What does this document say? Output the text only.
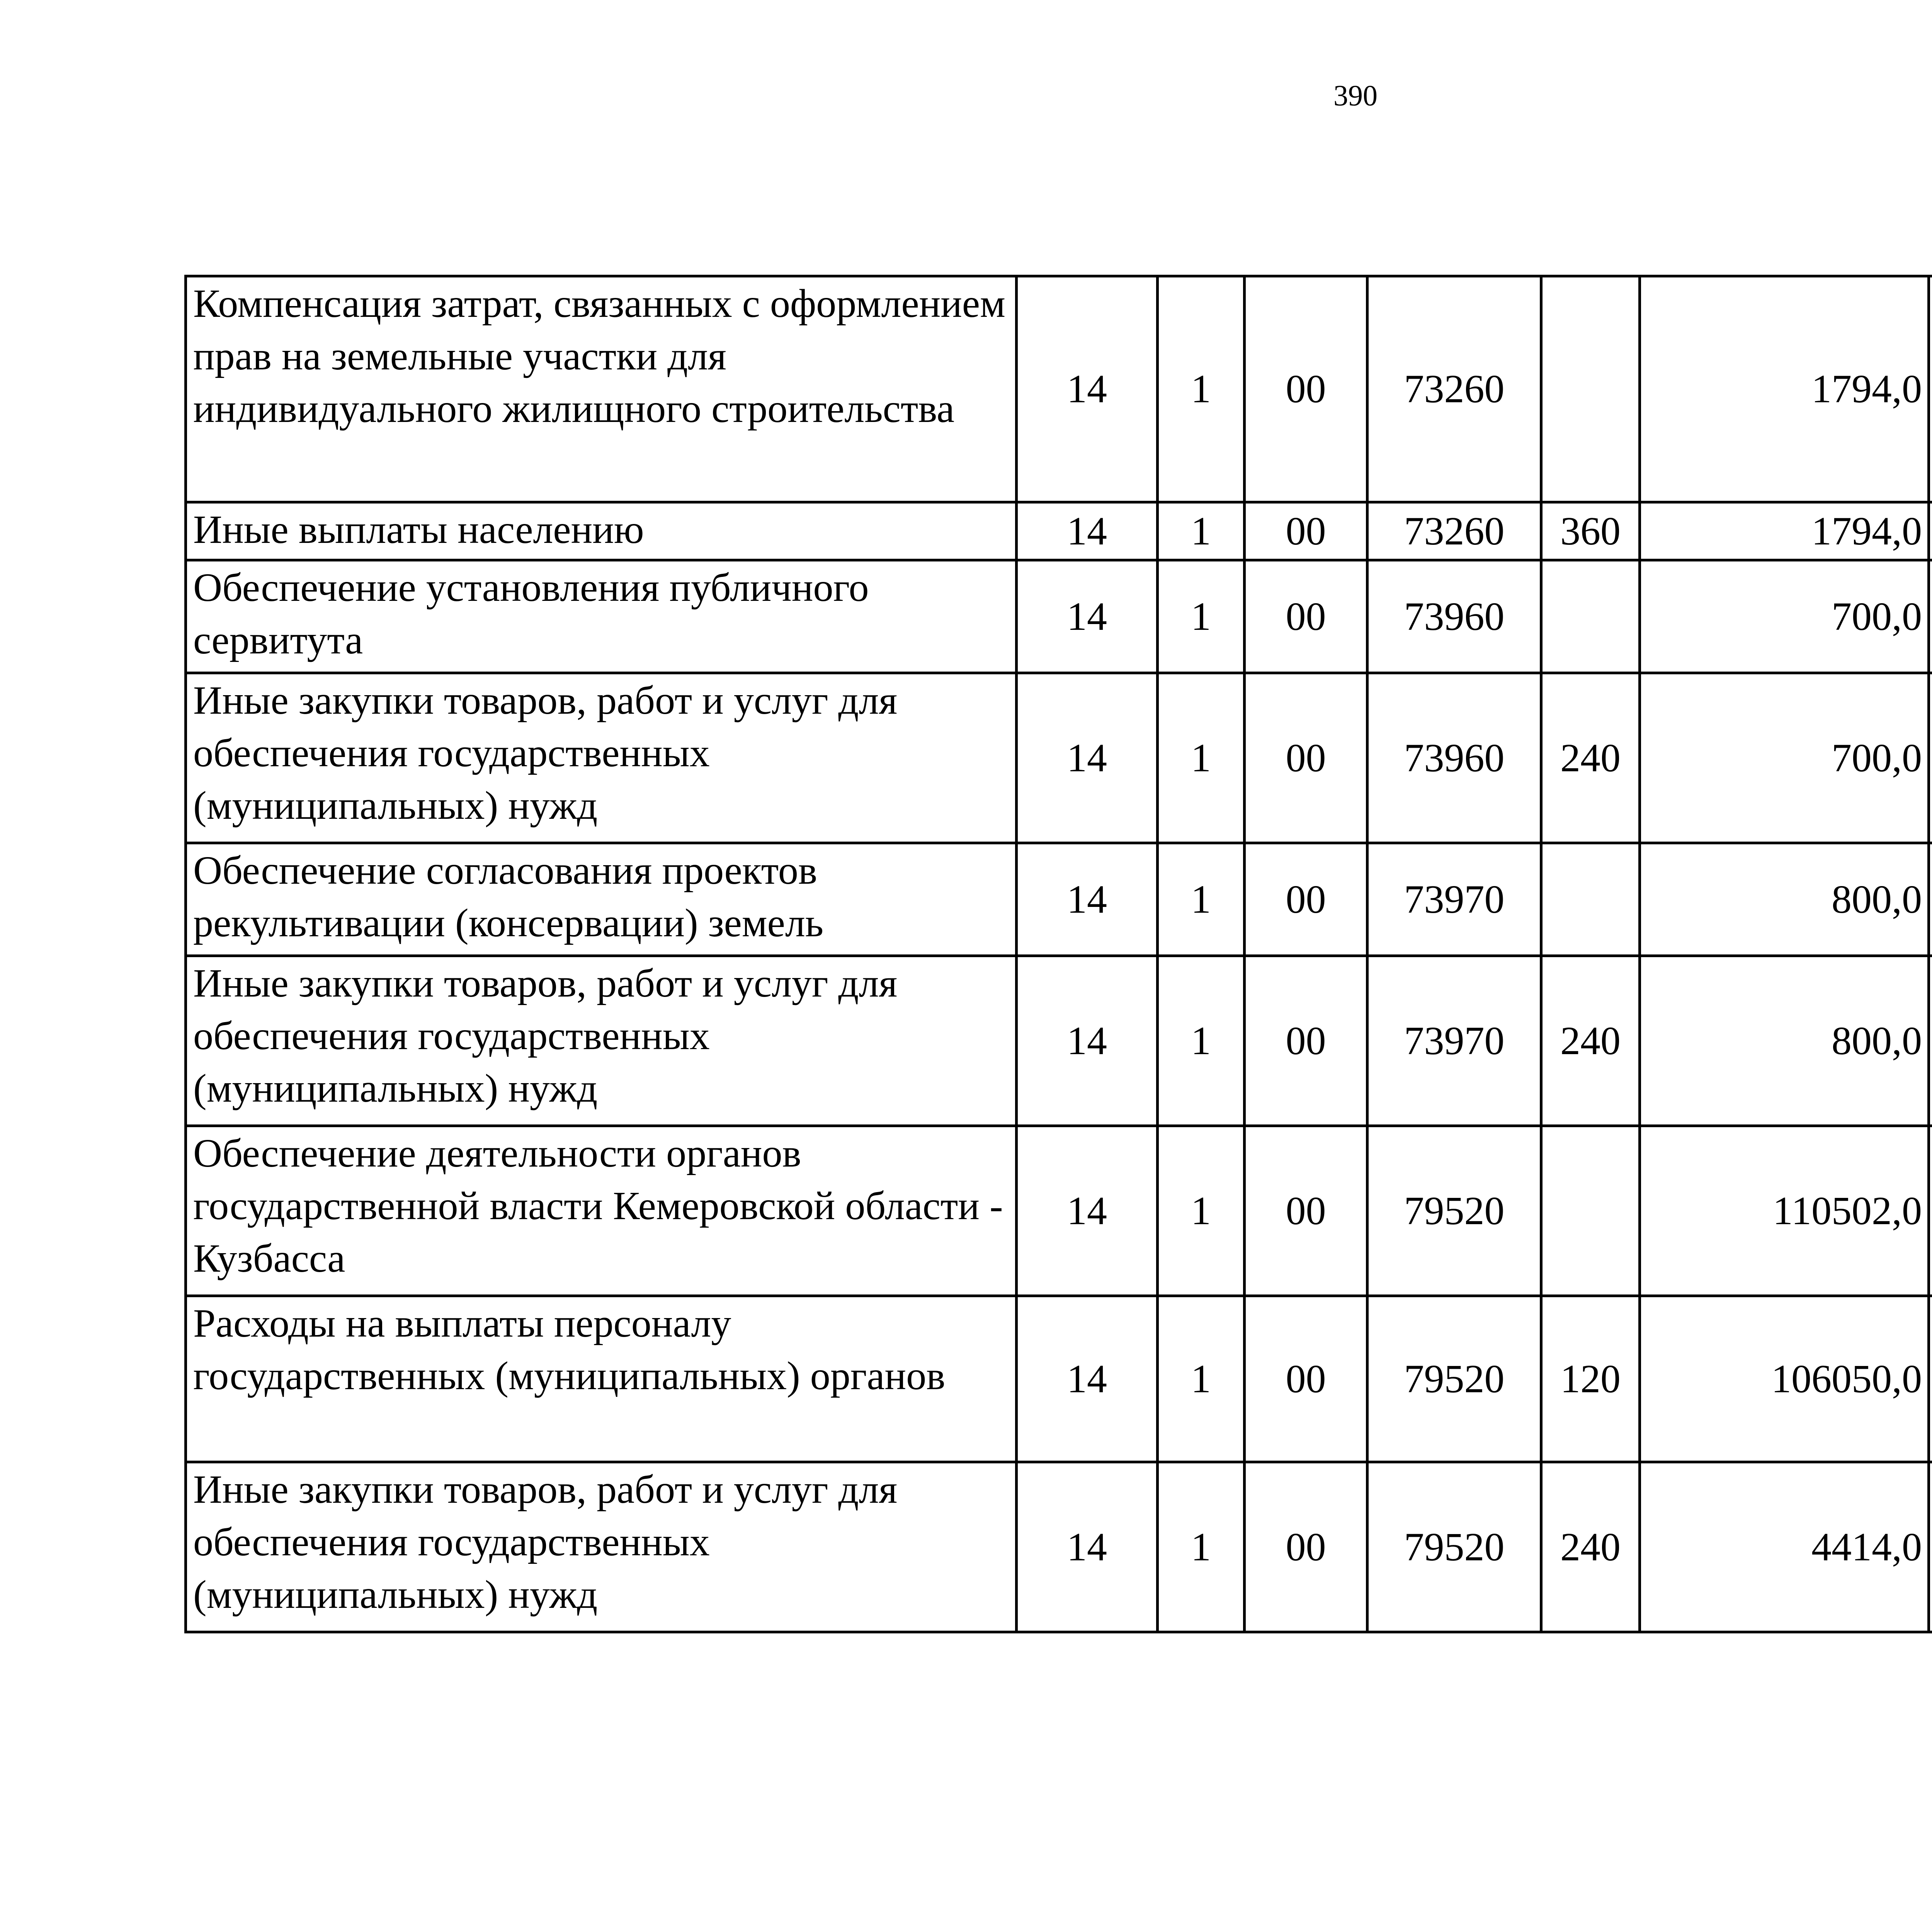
390
Компенсация затрат, связанных с оформлением прав на земельные участки для индивидуального жилищного строительства	14	1	00	73260		1794,0		
Иные выплаты населению	14	1	00	73260	360	1794,0		
Обеспечение установления публичного сервитута	14	1	00	73960		700,0		
Иные закупки товаров, работ и услуг для обеспечения государственных (муниципальных) нужд	14	1	00	73960	240	700,0		
Обеспечение согласования проектов рекультивации (консервации) земель	14	1	00	73970		800,0		
Иные закупки товаров, работ и услуг для обеспечения государственных (муниципальных) нужд	14	1	00	73970	240	800,0		
Обеспечение деятельности органов государственной власти Кемеровской области - Кузбасса	14	1	00	79520		110502,0		
Расходы на выплаты персоналу государственных (муниципальных) органов	14	1	00	79520	120	106050,0		
Иные закупки товаров, работ и услуг для обеспечения государственных (муниципальных) нужд	14	1	00	79520	240	4414,0		
